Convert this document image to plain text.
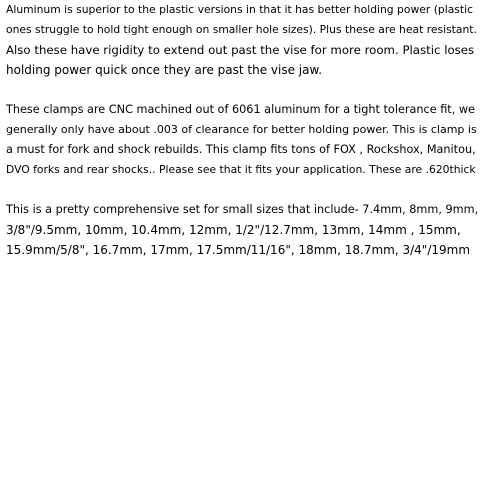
Aluminum is superior to the plastic versions in that it has better holding power (plastic
ones struggle to hold tight enough on smaller hole sizes). Plus these are heat resistant.
Also these have rigidity to extend out past the vise for more room. Plastic loses
holding power quick once they are past the vise jaw.
These clamps are CNC machined out of 6061 aluminum for a tight tolerance fit, we
generally only have about .003 of clearance for better holding power. This is clamp is
a must for fork and shock rebuilds. This clamp fits tons of FOX , Rockshox, Manitou,
DVO forks and rear shocks.. Please see that it fits your application. These are .620thick
This is a pretty comprehensive set for small sizes that include- 7.4mm, 8mm, 9mm,
3/8"/9.5mm, 10mm, 10.4mm, 12mm, 1/2"/12.7mm, 13mm, 14mm , 15mm,
15.9mm/5/8", 16.7mm, 17mm, 17.5mm/11/16", 18mm, 18.7mm, 3/4"/19mm
